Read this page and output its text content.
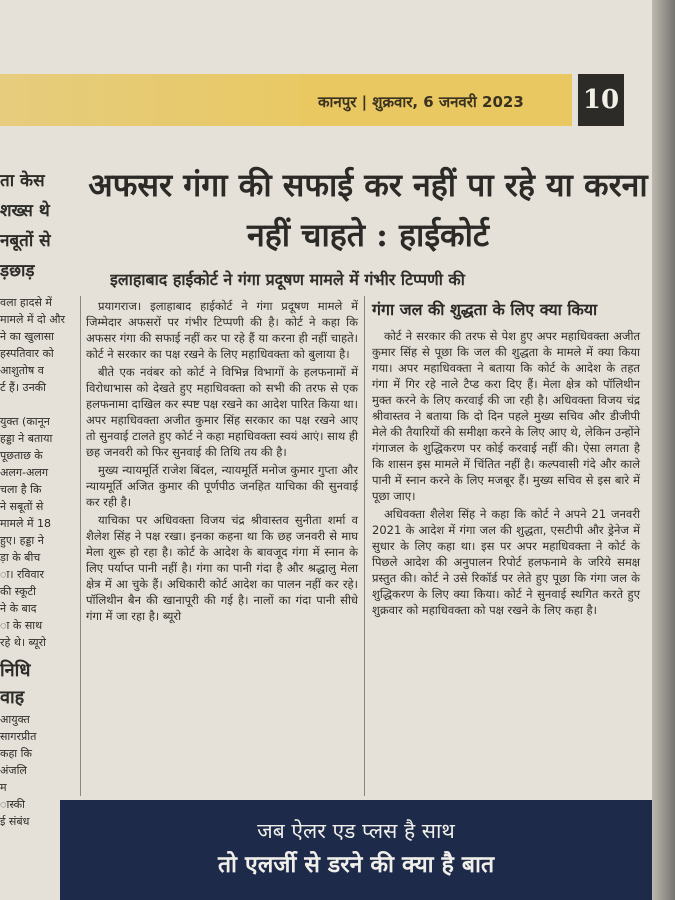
कानपुर | शुक्रवार, 6 जनवरी 2023 10
ता केस
शख्स थे
नबूतों से
ड़छाड़
वला हादसे में
मामले में दो और
ने का खुलासा
हस्पतिवार को
आशुतोष व
र्ट हैं। उनकी

युक्त (कानून
हड्डा ने बताया
पूछताछ के
अलग-अलग
चला है कि
ने सबूतों से
मामले में 18
हुए। हड्डा ने
ड़ा के बीच
ा। रविवार
की स्कूटी
ने के बाद
ा के साथ
रहे थे। ब्यूरो
निधि
वाह
आयुक्त
सागरप्रीत
कहा कि
अंजलि
म
ास्की
ई संबंध
अफसर गंगा की सफाई कर नहीं पा रहे या करना नहीं चाहते : हाईकोर्ट
इलाहाबाद हाईकोर्ट ने गंगा प्रदूषण मामले में गंभीर टिप्पणी की

प्रयागराज। इलाहाबाद हाईकोर्ट ने गंगा प्रदूषण मामले में जिम्मेदार अफसरों पर गंभीर टिप्पणी की है। कोर्ट ने कहा कि अफसर गंगा की सफाई नहीं कर पा रहे हैं या करना ही नहीं चाहते। कोर्ट ने सरकार का पक्ष रखने के लिए महाधिवक्ता को बुलाया है।

बीते एक नवंबर को कोर्ट ने विभिन्न विभागों के हलफनामों में विरोधाभास को देखते हुए महाधिवक्ता को सभी की तरफ से एक हलफनामा दाखिल कर स्पष्ट पक्ष रखने का आदेश पारित किया था। अपर महाधिवक्ता अजीत कुमार सिंह सरकार का पक्ष रखने आए तो सुनवाई टालते हुए कोर्ट ने कहा महाधिवक्ता स्वयं आएं। साथ ही छह जनवरी को फिर सुनवाई की तिथि तय की है।

मुख्य न्यायमूर्ति राजेश बिंदल, न्यायमूर्ति मनोज कुमार गुप्ता और न्यायमूर्ति अजित कुमार की पूर्णपीठ जनहित याचिका की सुनवाई कर रही है।

याचिका पर अधिवक्ता विजय चंद्र श्रीवास्तव सुनीता शर्मा व शैलेश सिंह ने पक्ष रखा। इनका कहना था कि छह जनवरी से माघ मेला शुरू हो रहा है। कोर्ट के आदेश के बावजूद गंगा में स्नान के लिए पर्याप्त पानी नहीं है। गंगा का पानी गंदा है और श्रद्धालु मेला क्षेत्र में आ चुके हैं। अधिकारी कोर्ट आदेश का पालन नहीं कर रहे। पॉलिथीन बैन की खानापूरी की गई है। नालों का गंदा पानी सीधे गंगा में जा रहा है। ब्यूरो

गंगा जल की शुद्धता के लिए क्या किया

कोर्ट ने सरकार की तरफ से पेश हुए अपर महाधिवक्ता अजीत कुमार सिंह से पूछा कि जल की शुद्धता के मामले में क्या किया गया। अपर महाधिवक्ता ने बताया कि कोर्ट के आदेश के तहत गंगा में गिर रहे नाले टैप्ड करा दिए हैं। मेला क्षेत्र को पॉलिथीन मुक्त करने के लिए करवाई की जा रही है। अधिवक्ता विजय चंद्र श्रीवास्तव ने बताया कि दो दिन पहले मुख्य सचिव और डीजीपी मेले की तैयारियों की समीक्षा करने के लिए आए थे, लेकिन उन्होंने गंगाजल के शुद्धिकरण पर कोई करवाई नहीं की। ऐसा लगता है कि शासन इस मामले में चिंतित नहीं है। कल्पवासी गंदे और काले पानी में स्नान करने के लिए मजबूर हैं। मुख्य सचिव से इस बारे में पूछा जाए।

अधिवक्ता शैलेश सिंह ने कहा कि कोर्ट ने अपने 21 जनवरी 2021 के आदेश में गंगा जल की शुद्धता, एसटीपी और ड्रेनेज में सुधार के लिए कहा था। इस पर अपर महाधिवक्ता ने कोर्ट के पिछले आदेश की अनुपालन रिपोर्ट हलफनामे के जरिये समक्ष प्रस्तुत की। कोर्ट ने उसे रिकॉर्ड पर लेते हुए पूछा कि गंगा जल के शुद्धिकरण के लिए क्या किया। कोर्ट ने सुनवाई स्थगित करते हुए शुक्रवार को महाधिवक्ता को पक्ष रखने के लिए कहा है।

जब ऐलर एड प्लस है साथ
तो एलर्जी से डरने की क्या है बात
